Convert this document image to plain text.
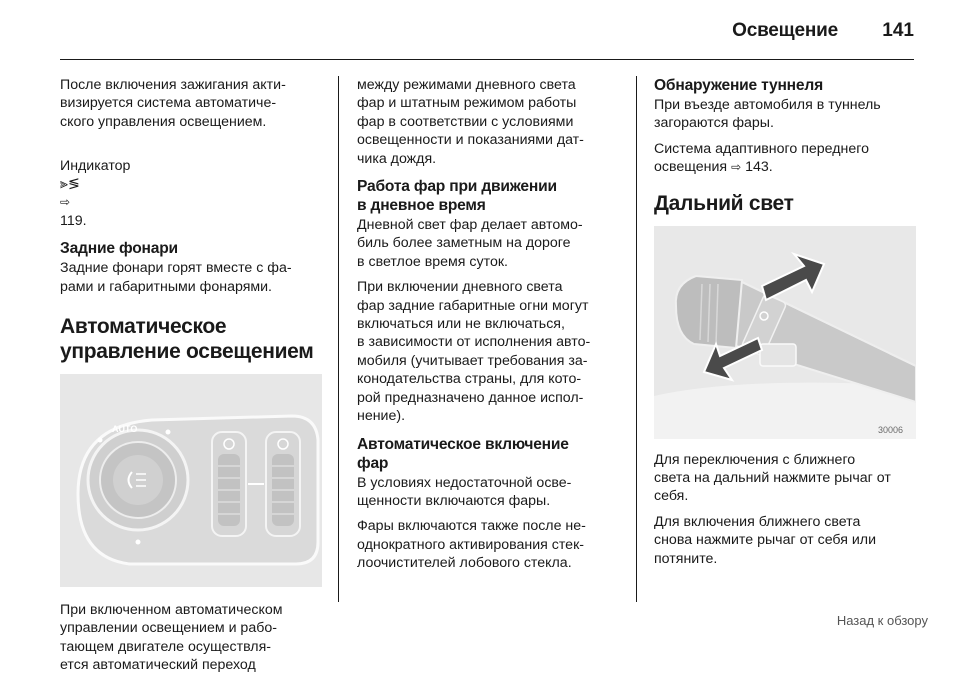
Освещение 141

После включения зажигания акти-
визируется система автоматиче-
ского управления освещением.

Индикатор
⫸≶
⇨
119.

Задние фонари

Задние фонари горят вместе с фа-
рами и габаритными фонарями.

Автоматическое
управление освещением
AUTO

При включенном автоматическом
управлении освещением и рабо-
тающем двигателе осуществля-
ется автоматический переход

между режимами дневного света
фар и штатным режимом работы
фар в соответствии с условиями
освещенности и показаниями дат-
чика дождя.

Работа фар при движении
в дневное время

Дневной свет фар делает автомо-
биль более заметным на дороге
в светлое время суток.

При включении дневного света
фар задние габаритные огни могут
включаться или не включаться,
в зависимости от исполнения авто-
мобиля (учитывает требования за-
конодательства страны, для кото-
рой предназначено данное испол-
нение).

Автоматическое включение
фар

В условиях недостаточной осве-
щенности включаются фары.

Фары включаются также после не-
однократного активирования стек-
лоочистителей лобового стекла.

Обнаружение туннеля

При въезде автомобиля в туннель
загораются фары.

Система адаптивного переднего
освещения ⇨ 143.

Дальний свет
30006

Для переключения с ближнего
света на дальний нажмите рычаг от
себя.

Для включения ближнего света
снова нажмите рычаг от себя или
потяните.

Назад к обзору
